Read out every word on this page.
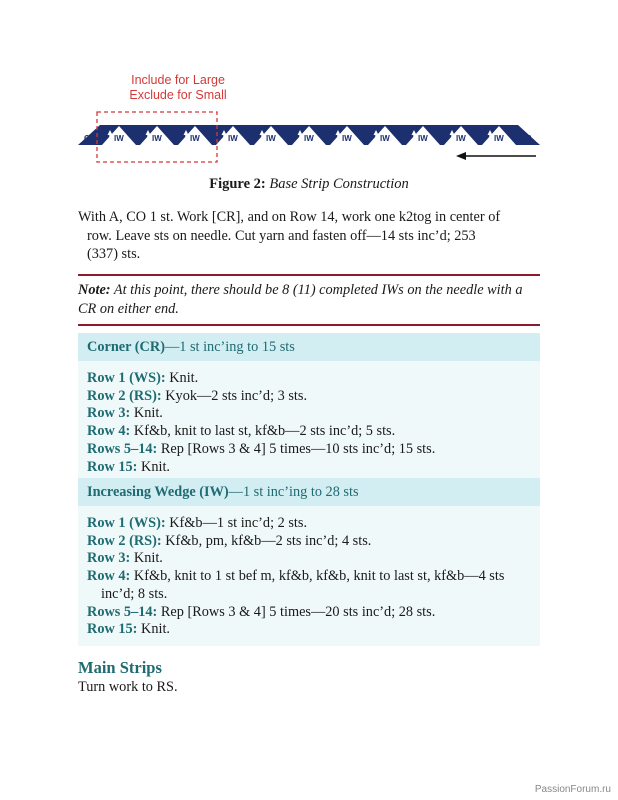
CR IW	IW	IW	IW	IW	IW	IW	IW	IW	IW	IW CR
Include for Large
Exclude for Small
Figure 2: Base Strip Construction
With A, CO 1 st. Work [CR], and on Row 14, work one k2tog in center of
row. Leave sts on needle. Cut yarn and fasten off—14 sts inc’d; 253
(337) sts.
Note: At this point, there should be 8 (11) completed IWs on the needle with a CR on either end.
Corner (CR)—1 st inc’ing to 15 sts
Row 1 (WS): Knit.
Row 2 (RS): Kyok—2 sts inc’d; 3 sts.
Row 3: Knit.
Row 4: Kf&b, knit to last st, kf&b—2 sts inc’d; 5 sts.
Rows 5–14: Rep [Rows 3 & 4] 5 times—10 sts inc’d; 15 sts.
Row 15: Knit.
Increasing Wedge (IW)—1 st inc’ing to 28 sts
Row 1 (WS): Kf&b—1 st inc’d; 2 sts.
Row 2 (RS): Kf&b, pm, kf&b—2 sts inc’d; 4 sts.
Row 3: Knit.
Row 4: Kf&b, knit to 1 st bef m, kf&b, kf&b, knit to last st, kf&b—4 sts
inc’d; 8 sts.
Rows 5–14: Rep [Rows 3 & 4] 5 times—20 sts inc’d; 28 sts.
Row 15: Knit.
Main Strips
Turn work to RS.
PassionForum.ru
